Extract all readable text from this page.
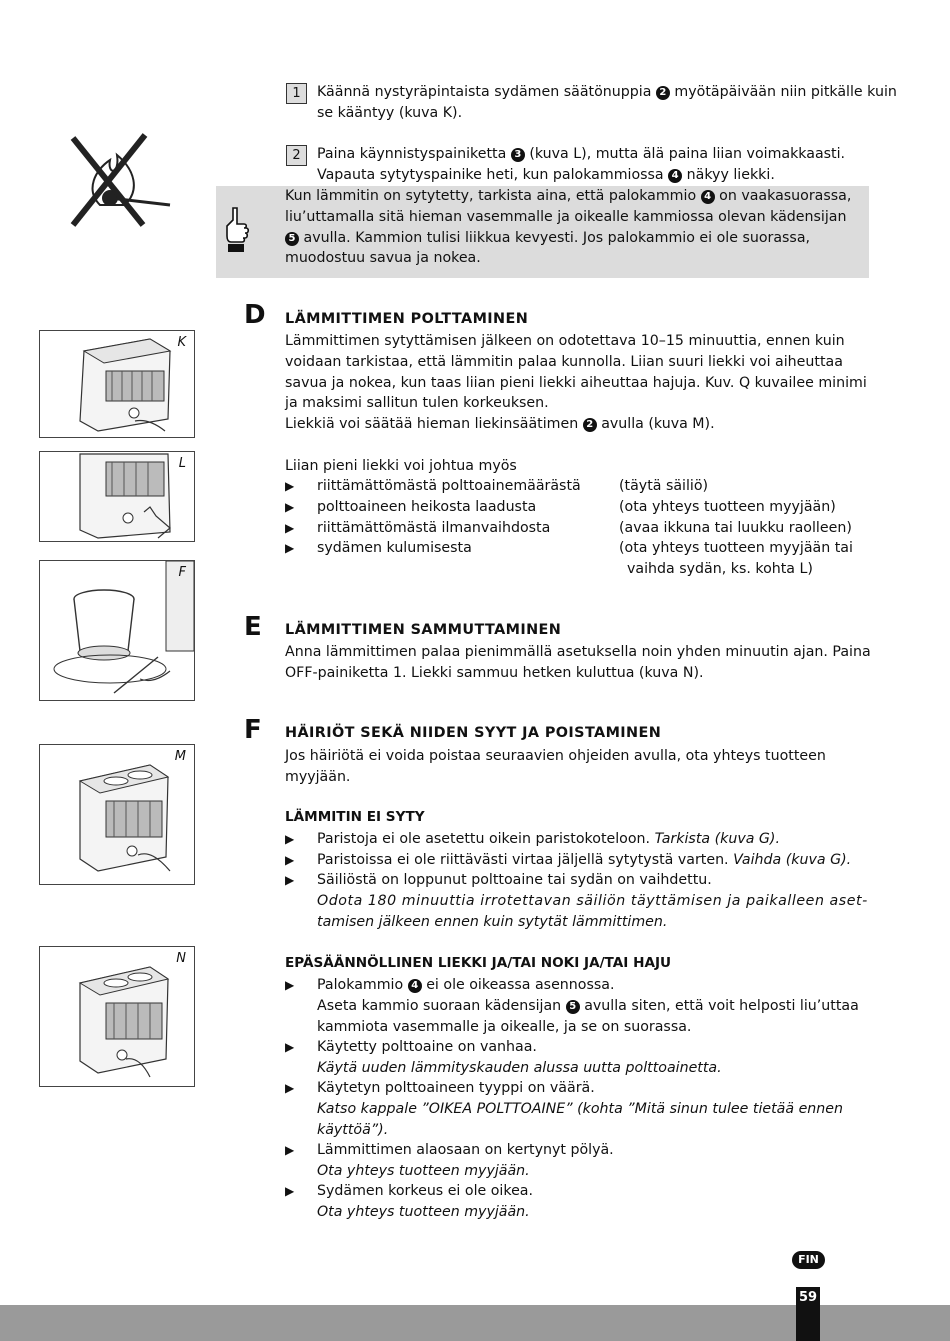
1	Käännä nystyräpintaista sydämen säätönuppia 2 myötäpäivään niin pitkälle kuin
se kääntyy (kuva K).
2	Paina käynnistyspainiketta 3 (kuva L), mutta älä paina liian voimakkaasti.
Vapauta sytytyspainike heti, kun palokammiossa 4 näkyy liekki.
Kun lämmitin on sytytetty, tarkista aina, että palokammio 4 on vaakasuorassa,
liu’uttamalla sitä hieman vasemmalle ja oikealle kammiossa olevan kädensijan
5 avulla. Kammion tulisi liikkua kevyesti. Jos palokammio ei ole suorassa,
muodostuu savua ja nokea.
D LÄMMITTIMEN POLTTAMINEN
Lämmittimen sytyttämisen jälkeen on odotettava 10–15 minuuttia, ennen kuin
voidaan tarkistaa, että lämmitin palaa kunnolla. Liian suuri liekki voi aiheuttaa
savua ja nokea, kun taas liian pieni liekki aiheuttaa hajuja. Kuv. Q kuvailee minimi
ja maksimi sallitun tulen korkeuksen.
Liekkiä voi säätää hieman liekinsäätimen 2 avulla (kuva M).

Liian pieni liekki voi johtua myös
▶ riittämättömästä polttoainemäärästä	(täytä säiliö)
▶ polttoaineen heikosta laadusta	(ota yhteys tuotteen myyjään)
▶ riittämättömästä ilmanvaihdosta	(avaa ikkuna tai luukku raolleen)
▶ sydämen kulumisesta	(ota yhteys tuotteen myyjään tai
vaihda sydän, ks. kohta L)
E LÄMMITTIMEN SAMMUTTAMINEN
Anna lämmittimen palaa pienimmällä asetuksella noin yhden minuutin ajan. Paina
OFF-painiketta 1. Liekki sammuu hetken kuluttua (kuva N).
F HÄIRIÖT SEKÄ NIIDEN SYYT JA POISTAMINEN
Jos häiriötä ei voida poistaa seuraavien ohjeiden avulla, ota yhteys tuotteen
myyjään.
LÄMMITIN EI SYTY
▶ Paristoja ei ole asetettu oikein paristokoteloon. Tarkista (kuva G).
▶ Paristoissa ei ole riittävästi virtaa jäljellä sytytystä varten. Vaihda (kuva G).
▶ Säiliöstä on loppunut polttoaine tai sydän on vaihdettu.
Odota 180 minuuttia irrotettavan säiliön täyttämisen ja paikalleen aset-
tamisen jälkeen ennen kuin sytytät lämmittimen.
EPÄSÄÄNNÖLLINEN LIEKKI JA/TAI NOKI JA/TAI HAJU
▶ Palokammio 4 ei ole oikeassa asennossa.
Aseta kammio suoraan kädensijan 5 avulla siten, että voit helposti liu’uttaa
kammiota vasemmalle ja oikealle, ja se on suorassa.
▶ Käytetty polttoaine on vanhaa.
Käytä uuden lämmityskauden alussa uutta polttoainetta.
▶ Käytetyn polttoaineen tyyppi on väärä.
Katso kappale ”OIKEA POLTTOAINE” (kohta ”Mitä sinun tulee tietää ennen
käyttöä”).
▶ Lämmittimen alaosaan on kertynyt pölyä.
Ota yhteys tuotteen myyjään.
▶ Sydämen korkeus ei ole oikea.
Ota yhteys tuotteen myyjään.
K
L
F
M
N
FIN
59
